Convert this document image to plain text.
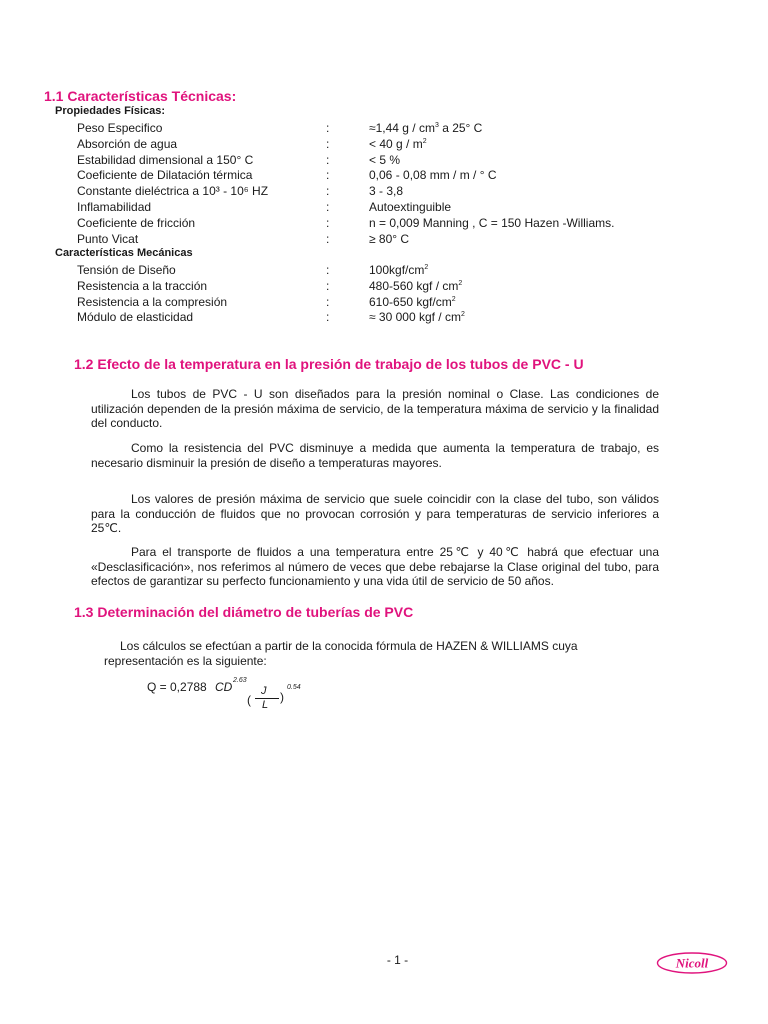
1.1 Características Técnicas:
Propiedades Físicas:
Peso Especifico	:	≈1,44 g / $cm^3$ a 25° C
Absorción de agua	:	< 40 g / $m^2$
Estabilidad dimensional a 150° C	:	< 5 %
Coeficiente de Dilatación térmica	:	0,06 - 0,08 mm / m / ° C
Constante dieléctrica a 10³ - 10⁶ HZ	:	3 - 3,8
Inflamabilidad	:	Autoextinguible
Coeficiente de fricción	:	n = 0,009 Manning , C = 150 Hazen -Williams.
Punto Vicat	:	≥ 80° C
Características Mecánicas
Tensión de Diseño	:	$100kgf/cm^2$
Resistencia a la tracción	:	480-560 kgf / $cm^2$
Resistencia a la compresión	:	610-650 kgf/$cm^2$
Módulo de elasticidad	:	≈ 30 000 kgf / $cm^2$
1.2 Efecto de la temperatura en la presión de trabajo de los tubos de PVC - U

Los tubos de PVC - U son diseñados para la presión nominal o Clase. Las condiciones de utilización dependen de la presión máxima de servicio, de la temperatura máxima de servicio y la finalidad del conducto.

Como la resistencia del PVC disminuye a medida que aumenta la temperatura de trabajo, es necesario disminuir la presión de diseño a temperaturas mayores.

Los valores de presión máxima de servicio que suele coincidir con la clase del tubo, son válidos para la conducción de fluidos que no provocan corrosión y para temperaturas de servicio inferiores a 25℃.

Para el transporte de fluidos a una temperatura entre 25℃ y 40℃ habrá que efectuar una «Desclasificación», nos referimos al número de veces que debe rebajarse la Clase original del tubo, para efectos de garantizar su perfecto funcionamiento y una vida útil de servicio de 50 años.

1.3 Determinación del diámetro de tuberías de PVC

Los cálculos se efectúan a partir de la conocida fórmula de HAZEN & WILLIAMS cuya representación es la siguiente:

Q = 0,2788 CD 2.63
(
J
L
)
0.54
- 1 -	Nicoll
